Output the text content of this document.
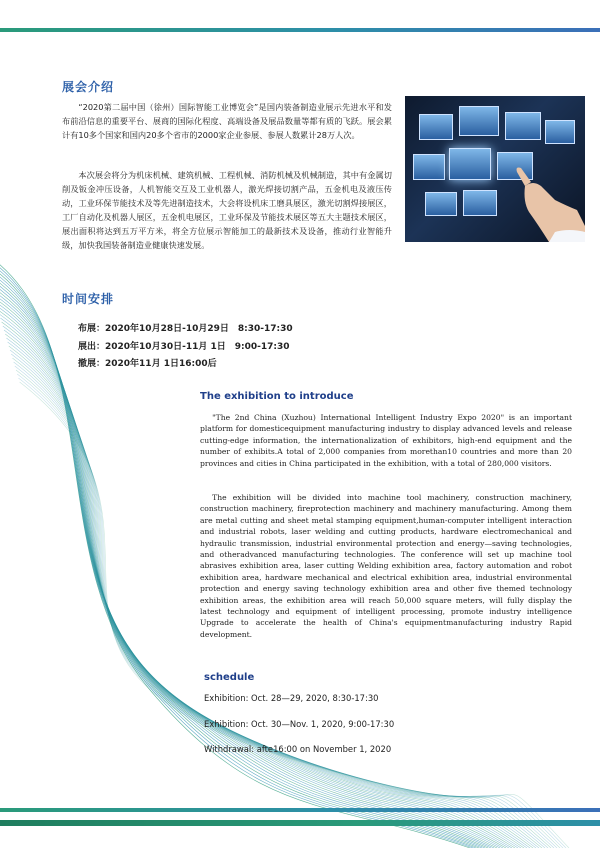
展会介绍
“2020第二届中国（徐州）国际智能工业博览会”是国内装备制造业展示先进水平和发布前沿信息的重要平台、展商的国际化程度、高端设备及展品数量等都有质的飞跃。展会累计有10多个国家和国内20多个省市的2000家企业参展、参展人数累计28万人次。
本次展会将分为机床机械、建筑机械、工程机械、消防机械及机械制造，其中有金属切削及钣金冲压设备，人机智能交互及工业机器人，激光焊接切割产品，五金机电及液压传动，工业环保节能技术及等先进制造技术，大会将设机床工磨具展区，激光切割焊接展区，工厂自动化及机器人展区，五金机电展区，工业环保及节能技术展区等五大主题技术展区，展出面积将达到五万平方米，将全方位展示智能加工的最新技术及设备，推动行业智能升级，加快我国装备制造业健康快速发展。
时间安排
布展：2020年10月28日-10月29日　8:30-17:30
展出：2020年10月30日-11月 1日　9:00-17:30
撤展：2020年11月 1日16:00后
The exhibition to introduce
"The 2nd China (Xuzhou) International Intelligent Industry Expo 2020" is an important platform for domesticequipment manufacturing industry to display advanced levels and release cutting-edge information, the internationalization of exhibitors, high-end equipment and the number of exhibits.A total of 2,000 companies from morethan10 countries and more than 20 provinces and cities in China participated in the exhibition, with a total of 280,000 visitors.
The exhibition will be divided into machine tool machinery, construction machinery, construction machinery, fireprotection machinery and machinery manufacturing. Among them are metal cutting and sheet metal stamping equipment,human-computer intelligent interaction and industrial robots, laser welding and cutting products, hardware electromechanical and hydraulic transmission, industrial environmental protection and energy—saving technologies, and otheradvanced manufacturing technologies. The conference will set up machine tool abrasives exhibition area, laser cutting Welding exhibition area, factory automation and robot exhibition area, hardware mechanical and electrical exhibition area, industrial environmental protection and energy saving technology exhibition area and other five themed technology exhibition areas, the exhibition area will reach 50,000 square meters, will fully display the latest technology and equipment of intelligent processing, promote industry intelligence Upgrade to accelerate the health of China's equipmentmanufacturing industry Rapid development.
schedule
Exhibition: Oct. 28—29, 2020, 8:30-17:30
Exhibition: Oct. 30—Nov. 1, 2020, 9:00-17:30
Withdrawal: afte16:00 on November 1, 2020
